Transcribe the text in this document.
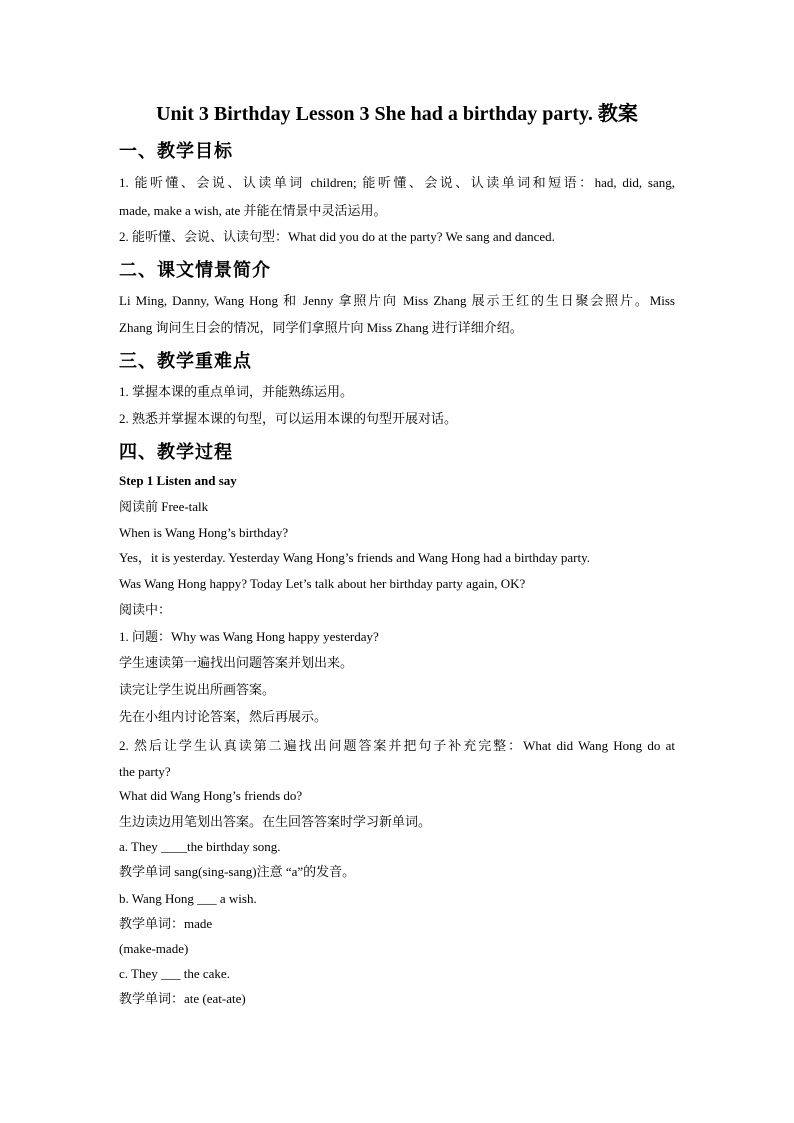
Unit 3 Birthday Lesson 3 She had a birthday party. 教案
一、教学目标
1. 能听懂、会说、认读单词 children; 能听懂、会说、认读单词和短语：had, did, sang,
made, make a wish, ate 并能在情景中灵活运用。
2. 能听懂、会说、认读句型：What did you do at the party? We sang and danced.
二、课文情景简介
Li Ming, Danny, Wang Hong 和 Jenny 拿照片向 Miss Zhang 展示王红的生日聚会照片。Miss
Zhang 询问生日会的情况，同学们拿照片向 Miss Zhang 进行详细介绍。
三、教学重难点
1. 掌握本课的重点单词，并能熟练运用。
2. 熟悉并掌握本课的句型，可以运用本课的句型开展对话。
四、教学过程
Step 1 Listen and say
阅读前 Free-talk
When is Wang Hong’s birthday?
Yes，it is yesterday. Yesterday Wang Hong’s friends and Wang Hong had a birthday party.
Was Wang Hong happy? Today Let’s talk about her birthday party again, OK?
阅读中：
1. 问题：Why was Wang Hong happy yesterday?
学生速读第一遍找出问题答案并划出来。
读完让学生说出所画答案。
先在小组内讨论答案，然后再展示。
2. 然后让学生认真读第二遍找出问题答案并把句子补充完整：What did Wang Hong do at
the party?
What did Wang Hong’s friends do?
生边读边用笔划出答案。在生回答答案时学习新单词。
a. They ____the birthday song.
教学单词 sang(sing-sang)注意 “a”的发音。
b. Wang Hong ___ a wish.
教学单词：made
(make-made)
c. They ___ the cake.
教学单词：ate (eat-ate)
